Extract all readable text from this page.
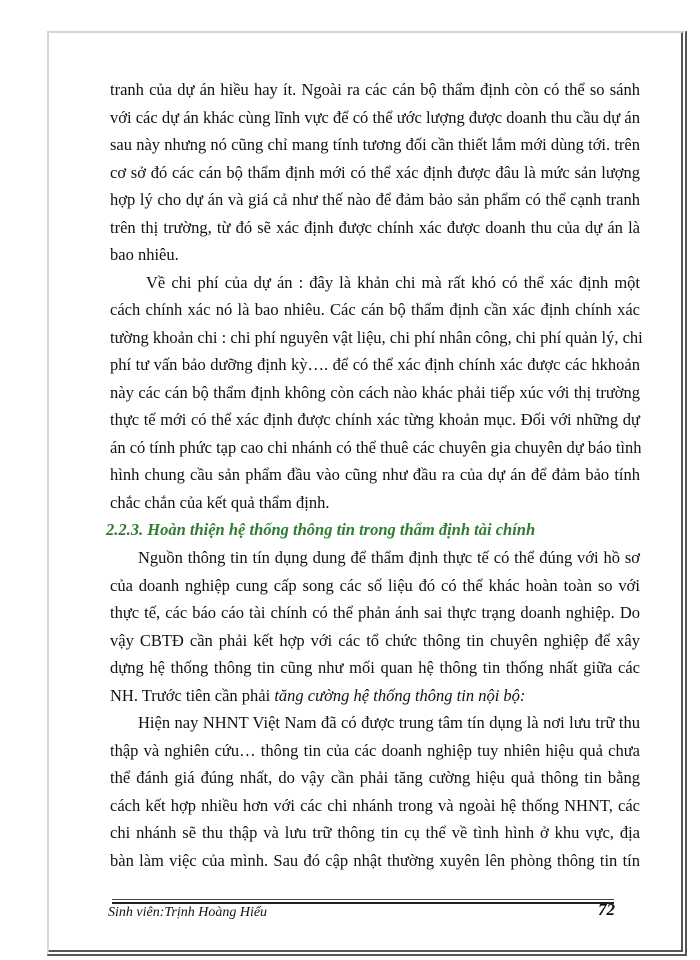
tranh của dự án hiều hay ít. Ngoài ra các cán bộ thẩm định còn có thể so sánh
với các dự án khác cùng lĩnh vực để có thể ước lượng được doanh thu cầu dự án
sau này nhưng nó cũng chỉ mang tính tương đối cần thiết lắm mới dùng tới. trên
cơ sở đó các cán bộ thẩm định mới có thể xác định được đâu là mức sản lượng
hợp lý cho dự án và giá cả như thế nào để đảm bảo sản phẩm có thể cạnh tranh
trên thị trường, từ đó sẽ xác định được chính xác được doanh thu của dự án là
bao nhiêu.
Về chi phí của dự án : đây là khản chi mà rất khó có thể xác định một
cách chính xác nó là bao nhiêu. Các cán bộ thẩm định cần xác định chính xác
tường khoản chi : chi phí nguyên vật liệu, chi phí nhân công, chi phí quản lý, chi
phí tư vấn bảo dưỡng định kỳ…. để có thể xác định chính xác được các hkhoản
này các cán bộ thẩm định không còn cách nào khác phải tiếp xúc với thị trường
thực tế mới có thể xác định được chính xác từng khoản mục. Đối với những dự
án có tính phức tạp cao chi nhánh có thể thuê các chuyên gia chuyên dự báo tình
hình chung cầu sản phẩm đầu vào cũng như đầu ra của dự án để đảm bảo tính
chắc chắn của kết quả thẩm định.
2.2.3. Hoàn thiện hệ thống thông tin trong thẩm định tài chính
Nguồn thông tin tín dụng dung để thẩm định thực tế có thể đúng với hồ sơ
của doanh nghiệp cung cấp song các số liệu đó có thể khác hoàn toàn so với
thực tế, các báo cáo tài chính có thể phản ánh sai thực trạng doanh nghiệp. Do
vậy CBTĐ cần phải kết hợp với các tổ chức thông tin chuyên nghiệp để xây
dựng hệ thống thông tin cũng như mối quan hệ thông tin thống nhất giữa các
NH. Trước tiên cần phải tăng cường hệ thống thông tin nội bộ:
Hiện nay NHNT Việt Nam đã có được trung tâm tín dụng là nơi lưu trữ thu
thập và nghiên cứu… thông tin của các doanh nghiệp tuy nhiên hiệu quả chưa
thể đánh giá đúng nhất, do vậy cần phải tăng cường hiệu quả thông tin bằng
cách kết hợp nhiều hơn với các chi nhánh trong và ngoài hệ thống NHNT, các
chi nhánh sẽ thu thập và lưu trữ thông tin cụ thể về tình hình ở khu vực, địa
bàn làm việc của mình. Sau đó cập nhật thường xuyên lên phòng thông tin tín
Sinh viên:Trịnh Hoàng Hiếu	72
